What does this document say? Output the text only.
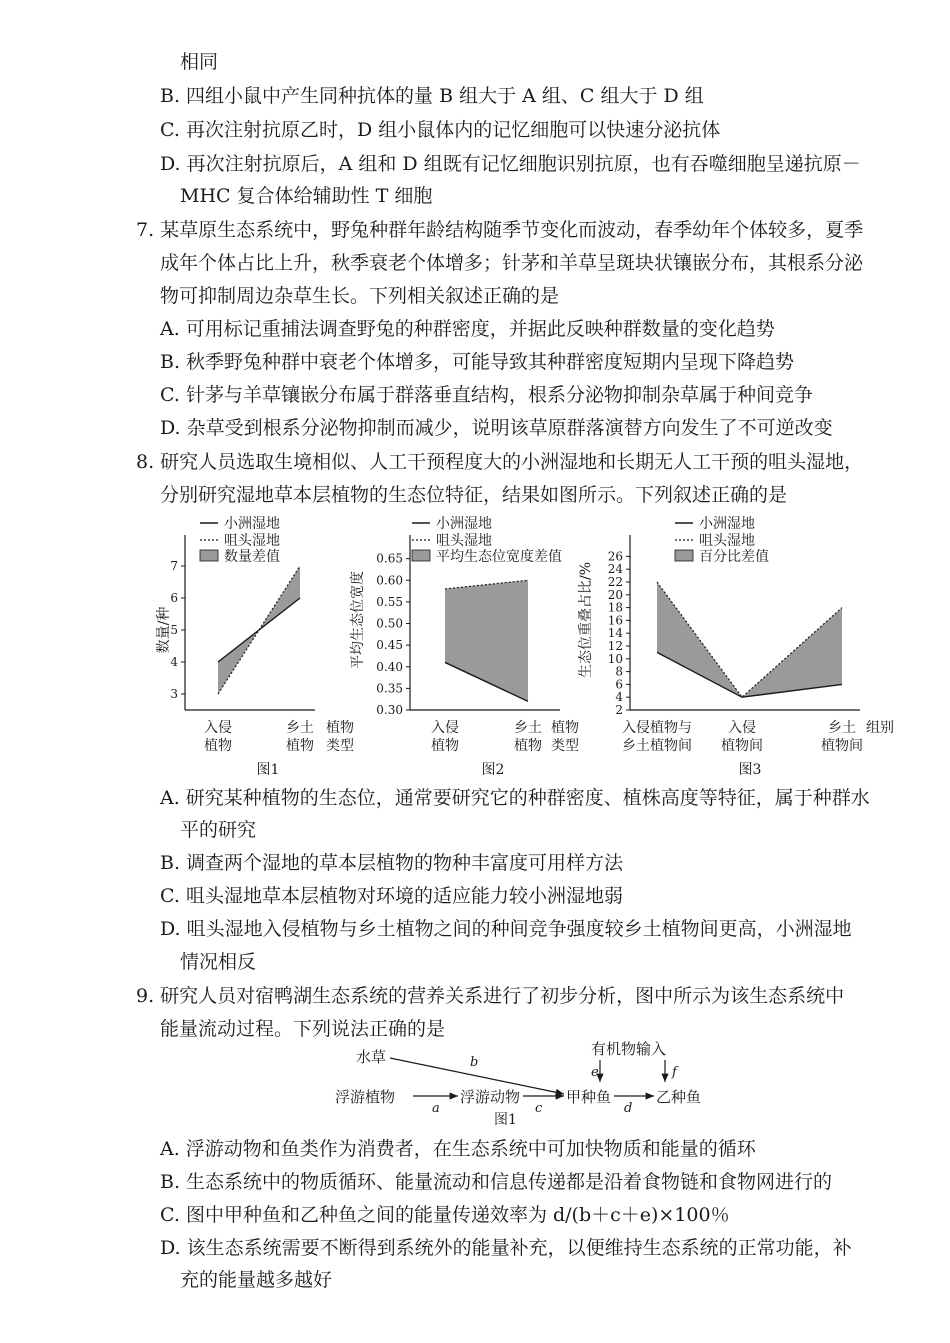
相同
B. 四组小鼠中产生同种抗体的量 B 组大于 A 组、C 组大于 D 组
C. 再次注射抗原乙时，D 组小鼠体内的记忆细胞可以快速分泌抗体
D. 再次注射抗原后，A 组和 D 组既有记忆细胞识别抗原，也有吞噬细胞呈递抗原－
MHC 复合体给辅助性 T 细胞
7. 某草原生态系统中，野兔种群年龄结构随季节变化而波动，春季幼年个体较多，夏季
成年个体占比上升，秋季衰老个体增多；针茅和羊草呈斑块状镶嵌分布，其根系分泌
物可抑制周边杂草生长。下列相关叙述正确的是
A. 可用标记重捕法调查野兔的种群密度，并据此反映种群数量的变化趋势
B. 秋季野兔种群中衰老个体增多，可能导致其种群密度短期内呈现下降趋势
C. 针茅与羊草镶嵌分布属于群落垂直结构，根系分泌物抑制杂草属于种间竞争
D. 杂草受到根系分泌物抑制而减少，说明该草原群落演替方向发生了不可逆改变
8. 研究人员选取生境相似、人工干预程度大的小洲湿地和长期无人工干预的咀头湿地，
分别研究湿地草本层植物的生态位特征，结果如图所示。下列叙述正确的是
小洲湿地
咀头湿地
数量差值
3
4
5
6
7
数量/种
入侵
植物
乡土
植物
植物
类型
图1
小洲湿地
咀头湿地
平均生态位宽度差值
0.30
0.35
0.40
0.45
0.50
0.55
0.60
0.65
平均生态位宽度
入侵
植物
乡土
植物
植物
类型
图2
小洲湿地
咀头湿地
百分比差值
2
4
6
8
10
12
14
16
18
20
22
24
26
生态位重叠占比/%
入侵植物与
乡土植物间
入侵
植物间
乡土
植物间
组别
图3
A. 研究某种植物的生态位，通常要研究它的种群密度、植株高度等特征，属于种群水
平的研究
B. 调查两个湿地的草本层植物的物种丰富度可用样方法
C. 咀头湿地草本层植物对环境的适应能力较小洲湿地弱
D. 咀头湿地入侵植物与乡土植物之间的种间竞争强度较乡土植物间更高，小洲湿地
情况相反
9. 研究人员对宿鸭湖生态系统的营养关系进行了初步分析，图中所示为该生态系统中
能量流动过程。下列说法正确的是
水草
浮游植物	浮游动物	甲种鱼	乙种鱼
有机物输入
a
b
c	d
e	f
图1
A. 浮游动物和鱼类作为消费者，在生态系统中可加快物质和能量的循环
B. 生态系统中的物质循环、能量流动和信息传递都是沿着食物链和食物网进行的
C. 图中甲种鱼和乙种鱼之间的能量传递效率为 d/(b＋c＋e)×100％
D. 该生态系统需要不断得到系统外的能量补充，以便维持生态系统的正常功能，补
充的能量越多越好
